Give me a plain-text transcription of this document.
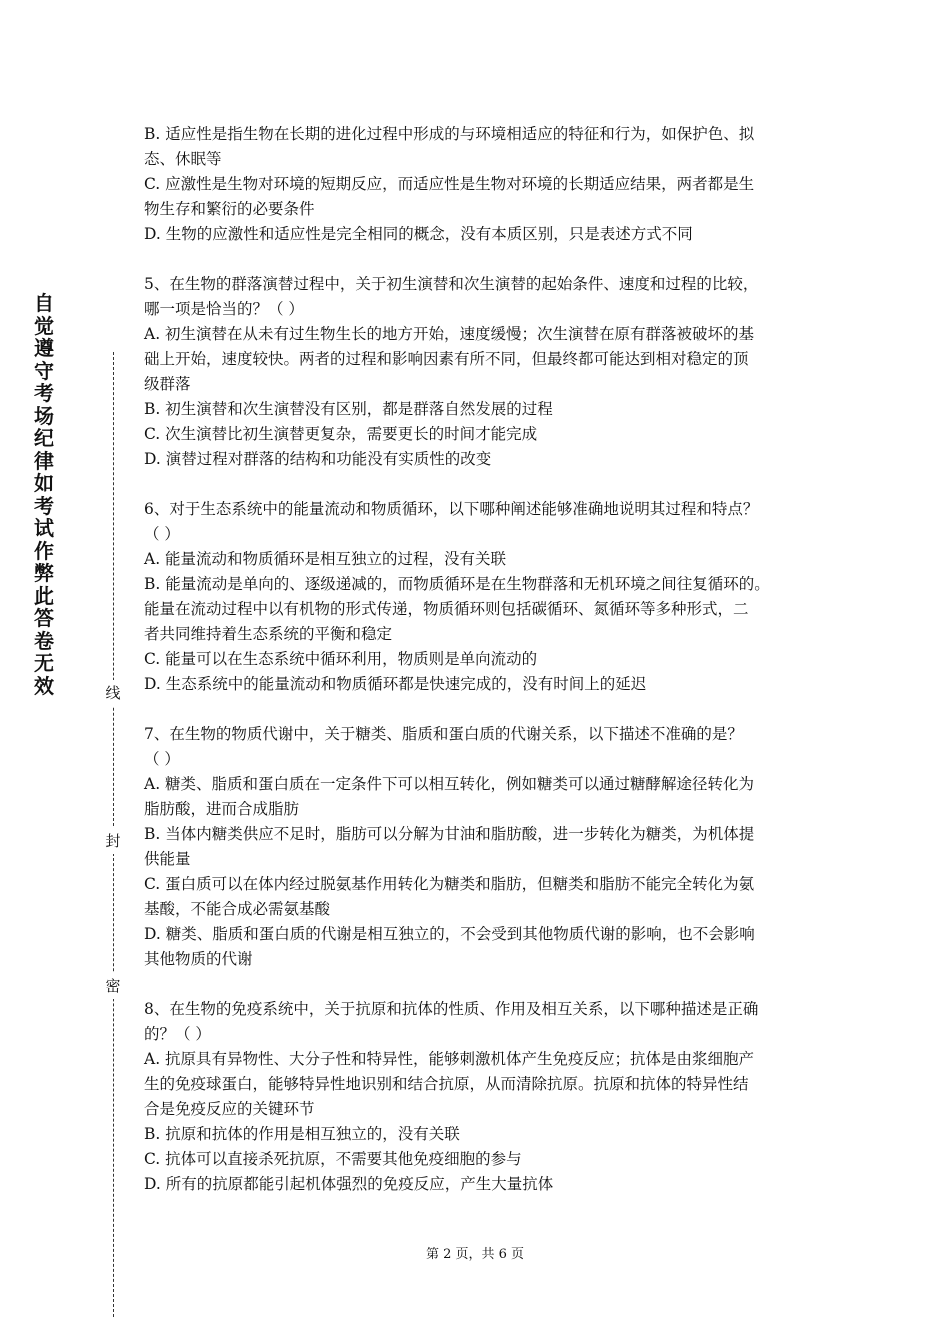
自觉遵守考场纪律如考试作弊此答卷无效	线
封
密

B. 适应性是指生物在长期的进化过程中形成的与环境相适应的特征和行为，如保护色、拟

态、休眠等

C. 应激性是生物对环境的短期反应，而适应性是生物对环境的长期适应结果，两者都是生

物生存和繁衍的必要条件

D. 生物的应激性和适应性是完全相同的概念，没有本质区别，只是表述方式不同

5、在生物的群落演替过程中，关于初生演替和次生演替的起始条件、速度和过程的比较，

哪一项是恰当的？（ ）

A. 初生演替在从未有过生物生长的地方开始，速度缓慢；次生演替在原有群落被破坏的基

础上开始，速度较快。两者的过程和影响因素有所不同，但最终都可能达到相对稳定的顶

级群落

B. 初生演替和次生演替没有区别，都是群落自然发展的过程

C. 次生演替比初生演替更复杂，需要更长的时间才能完成

D. 演替过程对群落的结构和功能没有实质性的改变

6、对于生态系统中的能量流动和物质循环，以下哪种阐述能够准确地说明其过程和特点？

（ ）

A. 能量流动和物质循环是相互独立的过程，没有关联

B. 能量流动是单向的、逐级递减的，而物质循环是在生物群落和无机环境之间往复循环的。

能量在流动过程中以有机物的形式传递，物质循环则包括碳循环、氮循环等多种形式，二

者共同维持着生态系统的平衡和稳定

C. 能量可以在生态系统中循环利用，物质则是单向流动的

D. 生态系统中的能量流动和物质循环都是快速完成的，没有时间上的延迟

7、在生物的物质代谢中，关于糖类、脂质和蛋白质的代谢关系，以下描述不准确的是？

（ ）

A. 糖类、脂质和蛋白质在一定条件下可以相互转化，例如糖类可以通过糖酵解途径转化为

脂肪酸，进而合成脂肪

B. 当体内糖类供应不足时，脂肪可以分解为甘油和脂肪酸，进一步转化为糖类，为机体提

供能量

C. 蛋白质可以在体内经过脱氨基作用转化为糖类和脂肪，但糖类和脂肪不能完全转化为氨

基酸，不能合成必需氨基酸

D. 糖类、脂质和蛋白质的代谢是相互独立的，不会受到其他物质代谢的影响，也不会影响

其他物质的代谢

8、在生物的免疫系统中，关于抗原和抗体的性质、作用及相互关系，以下哪种描述是正确

的？（ ）

A. 抗原具有异物性、大分子性和特异性，能够刺激机体产生免疫反应；抗体是由浆细胞产

生的免疫球蛋白，能够特异性地识别和结合抗原，从而清除抗原。抗原和抗体的特异性结

合是免疫反应的关键环节

B. 抗原和抗体的作用是相互独立的，没有关联

C. 抗体可以直接杀死抗原，不需要其他免疫细胞的参与

D. 所有的抗原都能引起机体强烈的免疫反应，产生大量抗体

第 2 页，共 6 页
